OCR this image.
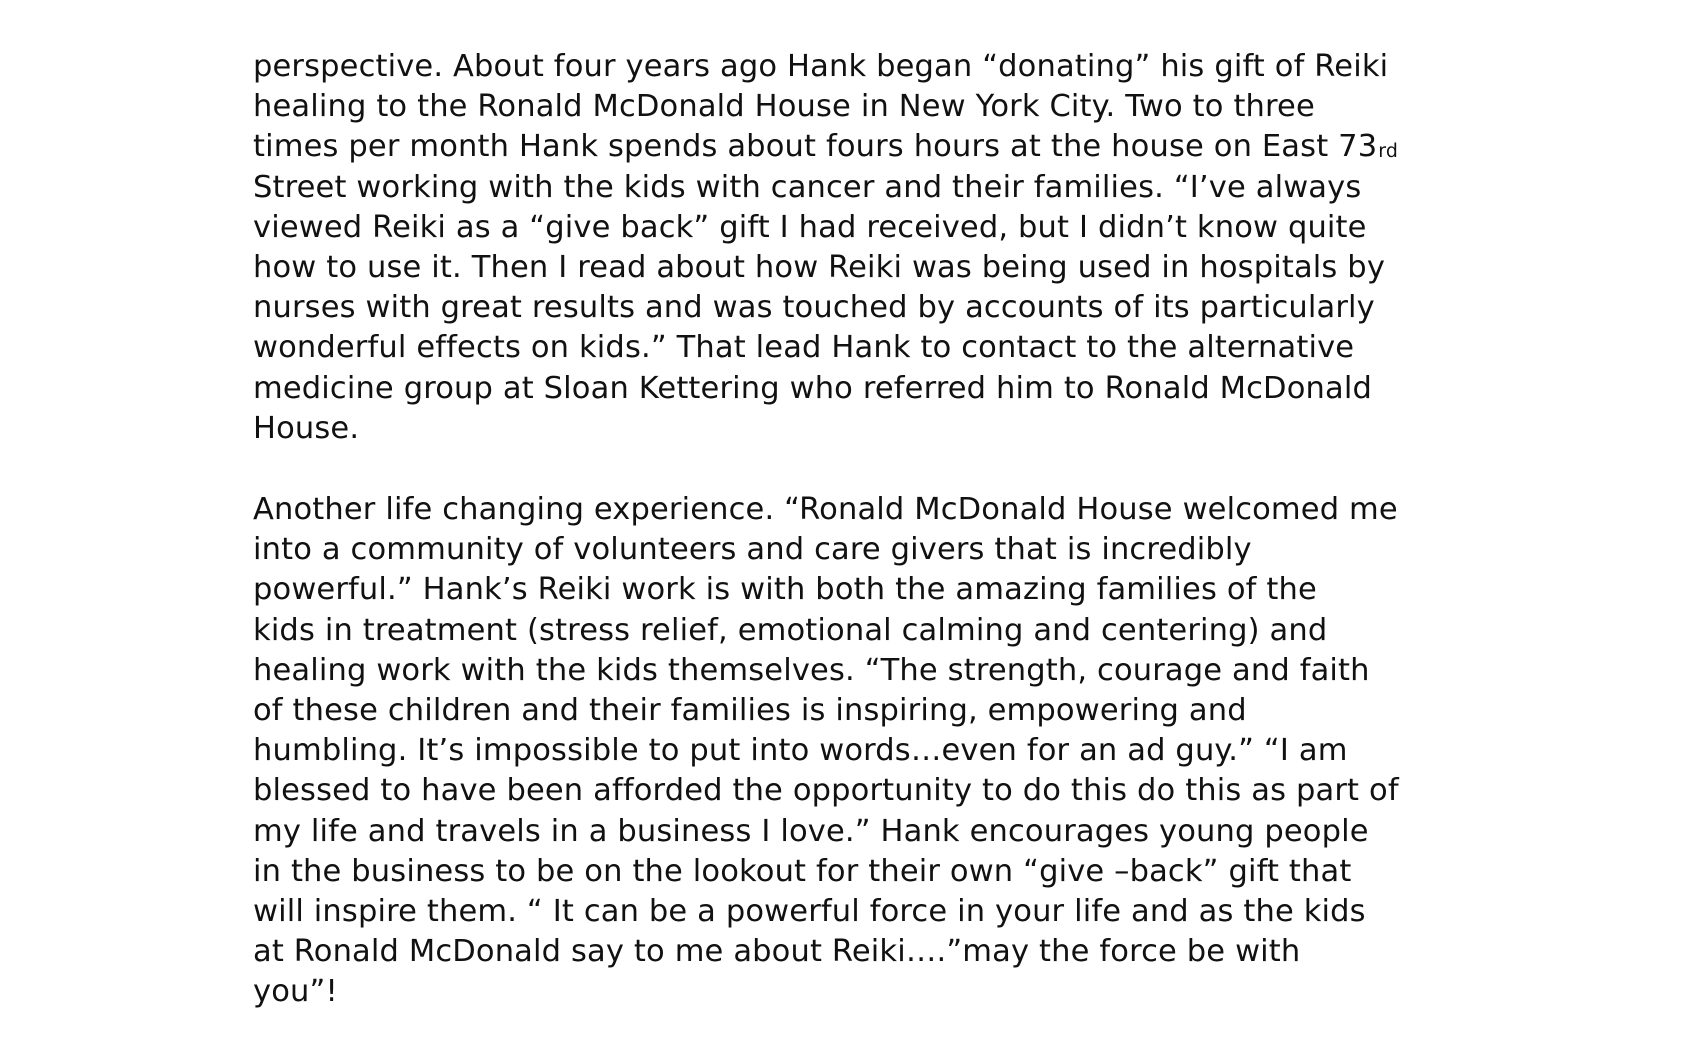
perspective. About four years ago Hank began “donating” his gift of Reiki
healing to the Ronald McDonald House in New York City. Two to three
times per month Hank spends about fours hours at the house on East 73rd
Street working with the kids with cancer and their families. “I’ve always
viewed Reiki as a “give back” gift I had received, but I didn’t know quite
how to use it. Then I read about how Reiki was being used in hospitals by
nurses with great results and was touched by accounts of its particularly
wonderful effects on kids.” That lead Hank to contact to the alternative
medicine group at Sloan Kettering who referred him to Ronald McDonald
House.
Another life changing experience. “Ronald McDonald House welcomed me
into a community of volunteers and care givers that is incredibly
powerful.” Hank’s Reiki work is with both the amazing families of the
kids in treatment (stress relief, emotional calming and centering) and
healing work with the kids themselves. “The strength, courage and faith
of these children and their families is inspiring, empowering and
humbling. It’s impossible to put into words…even for an ad guy.” “I am
blessed to have been afforded the opportunity to do this do this as part of
my life and travels in a business I love.” Hank encourages young people
in the business to be on the lookout for their own “give –back” gift that
will inspire them. “ It can be a powerful force in your life and as the kids
at Ronald McDonald say to me about Reiki….”may the force be with
you”!
